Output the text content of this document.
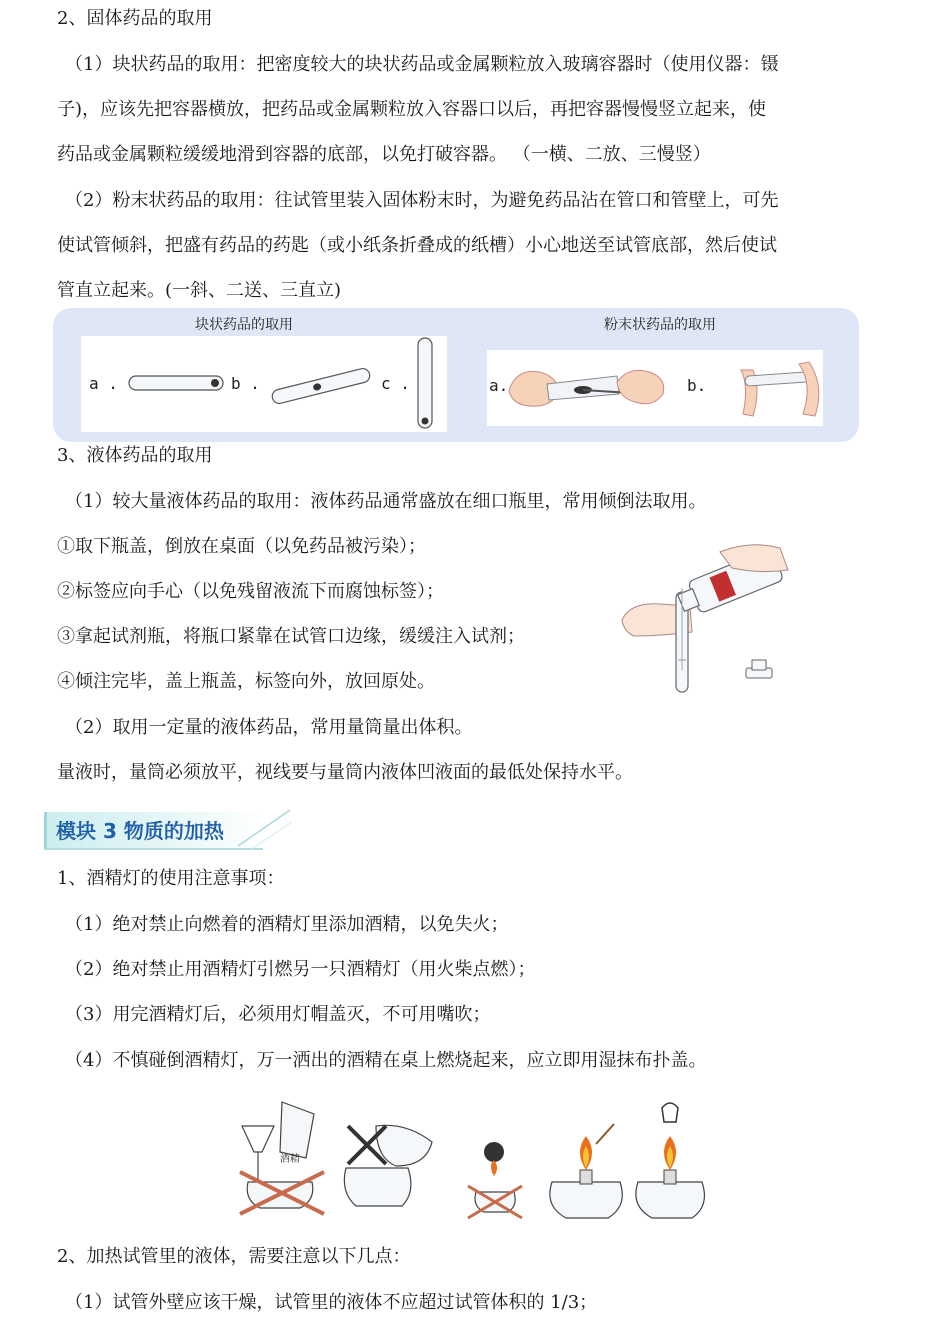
2、固体药品的取用

（1）块状药品的取用：把密度较大的块状药品或金属颗粒放入玻璃容器时（使用仪器：镊

子)，应该先把容器横放，把药品或金属颗粒放入容器口以后，再把容器慢慢竖立起来，使

药品或金属颗粒缓缓地滑到容器的底部，以免打破容器。 （一横、二放、三慢竖）

（2）粉末状药品的取用：往试管里装入固体粉末时，为避免药品沾在管口和管壁上，可先

使试管倾斜，把盛有药品的药匙（或小纸条折叠成的纸槽）小心地送至试管底部，然后使试

管直立起来。(一斜、二送、三直立)

块状药品的取用	粉末状药品的取用
a .	b .	c .	a.	b.

3、液体药品的取用

（1）较大量液体药品的取用：液体药品通常盛放在细口瓶里，常用倾倒法取用。

①取下瓶盖，倒放在桌面（以免药品被污染）；

②标签应向手心（以免残留液流下而腐蚀标签）；

③拿起试剂瓶，将瓶口紧靠在试管口边缘，缓缓注入试剂；

④倾注完毕，盖上瓶盖，标签向外，放回原处。

（2）取用一定量的液体药品，常用量筒量出体积。

量液时，量筒必须放平，视线要与量筒内液体凹液面的最低处保持水平。

模块 3 物质的加热

1、酒精灯的使用注意事项：

（1）绝对禁止向燃着的酒精灯里添加酒精，以免失火；

（2）绝对禁止用酒精灯引燃另一只酒精灯（用火柴点燃）；

（3）用完酒精灯后，必须用灯帽盖灭，不可用嘴吹；

（4）不慎碰倒酒精灯，万一洒出的酒精在桌上燃烧起来，应立即用湿抹布扑盖。

酒精

2、加热试管里的液体，需要注意以下几点：

（1）试管外壁应该干燥，试管里的液体不应超过试管体积的 1/3；
